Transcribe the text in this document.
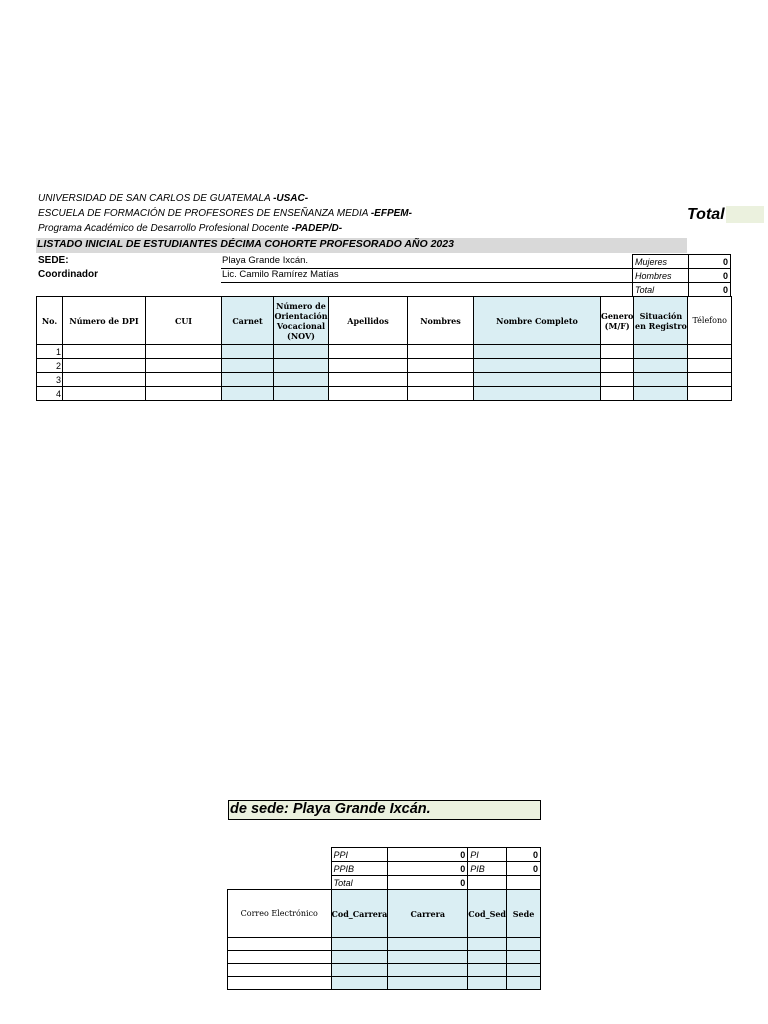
UNIVERSIDAD DE SAN CARLOS DE GUATEMALA -USAC-
ESCUELA DE FORMACIÓN DE PROFESORES DE ENSEÑANZA MEDIA -EFPEM-
Programa Académico de Desarrollo Profesional Docente -PADEP/D-
Total
LISTADO INICIAL DE ESTUDIANTES DÉCIMA COHORTE PROFESORADO AÑO 2023
SEDE:	Playa Grande Ixcán.
Coordinador	Lic. Camilo Ramírez Matías
Mujeres	0
Hombres	0
Total	0
No.	Número de DPI	CUI	Carnet	Número de Orientación Vocacional (NOV)	Apellidos	Nombres	Nombre Completo	Genero (M/F)	Situación en Registro	Télefono
1										
2										
3										
4										
de sede: Playa Grande Ixcán.
	PPI	0	PI	0
	PPIB	0	PIB	0
	Total	0		
Correo Electrónico	Cod_Carrera	Carrera	Cod_Sed	Sede
